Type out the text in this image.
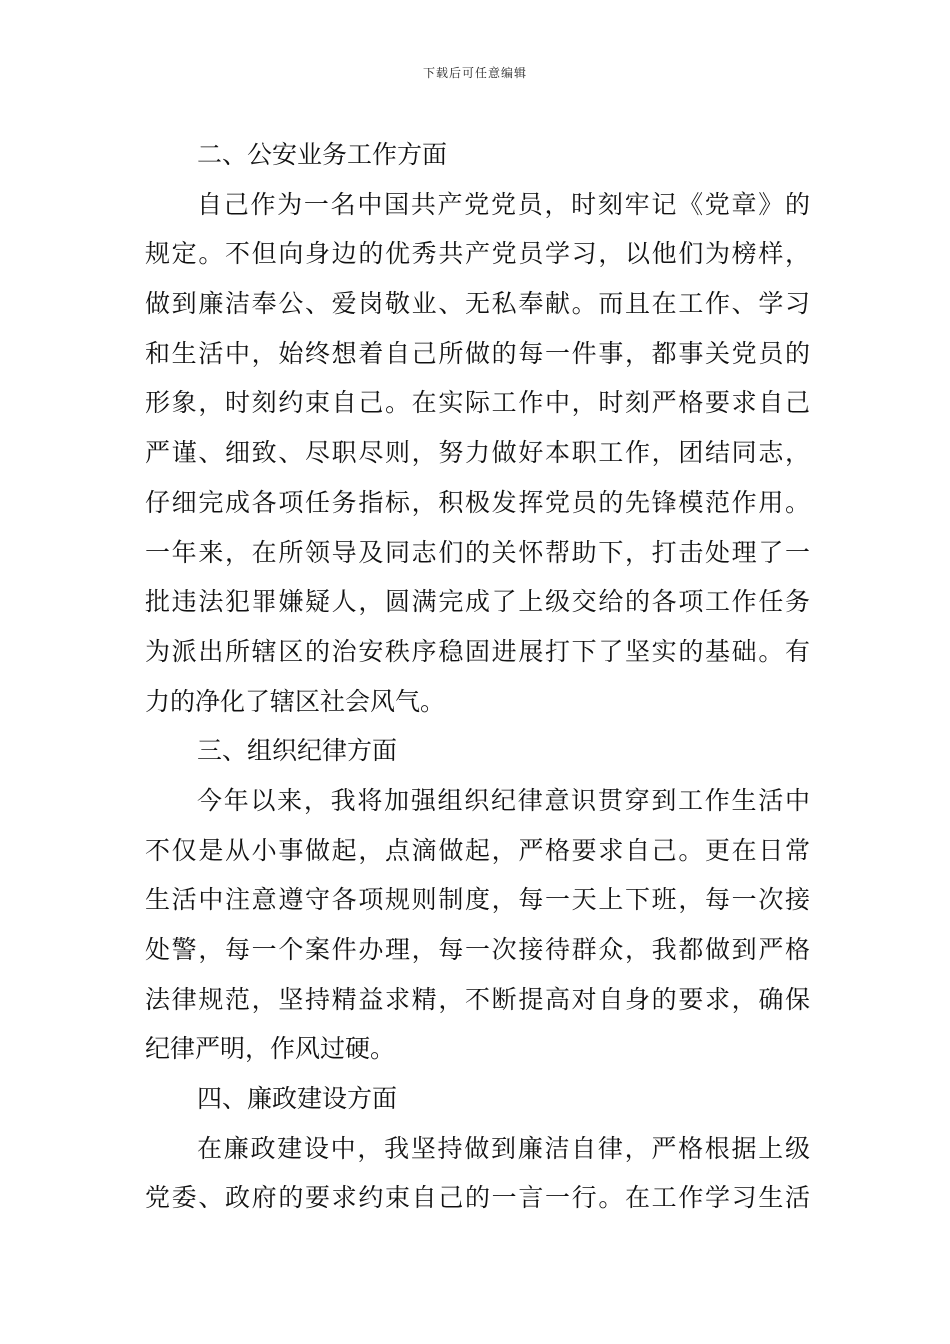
下载后可任意编辑
二、公安业务工作方面
自己作为一名中国共产党党员，时刻牢记《党章》的
规定。不但向身边的优秀共产党员学习，以他们为榜样，
做到廉洁奉公、爱岗敬业、无私奉献。而且在工作、学习
和生活中，始终想着自己所做的每一件事，都事关党员的
形象，时刻约束自己。在实际工作中，时刻严格要求自己
严谨、细致、尽职尽则，努力做好本职工作，团结同志，
仔细完成各项任务指标，积极发挥党员的先锋模范作用。
一年来，在所领导及同志们的关怀帮助下，打击处理了一
批违法犯罪嫌疑人，圆满完成了上级交给的各项工作任务
为派出所辖区的治安秩序稳固进展打下了坚实的基础。有
力的净化了辖区社会风气。
三、组织纪律方面
今年以来，我将加强组织纪律意识贯穿到工作生活中
不仅是从小事做起，点滴做起，严格要求自己。更在日常
生活中注意遵守各项规则制度，每一天上下班，每一次接
处警，每一个案件办理，每一次接待群众，我都做到严格
法律规范，坚持精益求精，不断提高对自身的要求，确保
纪律严明，作风过硬。
四、廉政建设方面
在廉政建设中，我坚持做到廉洁自律，严格根据上级
党委、政府的要求约束自己的一言一行。在工作学习生活
